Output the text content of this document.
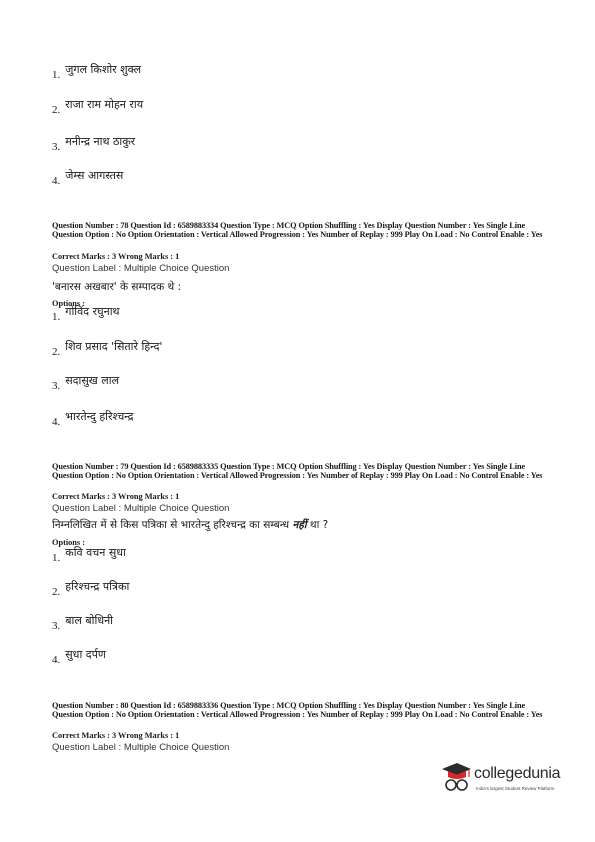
1. जुगल किशोर शुक्ल
2. राजा राम मोहन राय
3. मनीन्द्र नाथ ठाकुर
4. जेम्स आगस्तस
Question Number : 78 Question Id : 6589883334 Question Type : MCQ Option Shuffling : Yes Display Question Number : Yes Single Line Question Option : No Option Orientation : Vertical Allowed Progression : Yes Number of Replay : 999 Play On Load : No Control Enable : Yes
Correct Marks : 3 Wrong Marks : 1
Question Label : Multiple Choice Question
'बनारस अखबार' के सम्पादक थे :
Options :
1. गोविंद रघुनाथ
2. शिव प्रसाद 'सितारे हिन्द'
3. सदासुख लाल
4. भारतेन्दु हरिश्चन्द्र
Question Number : 79 Question Id : 6589883335 Question Type : MCQ Option Shuffling : Yes Display Question Number : Yes Single Line Question Option : No Option Orientation : Vertical Allowed Progression : Yes Number of Replay : 999 Play On Load : No Control Enable : Yes
Correct Marks : 3 Wrong Marks : 1
Question Label : Multiple Choice Question
निम्नलिखित में से किस पत्रिका से भारतेन्दु हरिश्चन्द्र का सम्बन्ध नहीं था ?
Options :
1. कवि वचन सुधा
2. हरिश्चन्द्र पत्रिका
3. बाल बोधिनी
4. सुधा दर्पण
Question Number : 80 Question Id : 6589883336 Question Type : MCQ Option Shuffling : Yes Display Question Number : Yes Single Line Question Option : No Option Orientation : Vertical Allowed Progression : Yes Number of Replay : 999 Play On Load : No Control Enable : Yes
Correct Marks : 3 Wrong Marks : 1
Question Label : Multiple Choice Question
collegedunia
India's largest Student Review Platform
